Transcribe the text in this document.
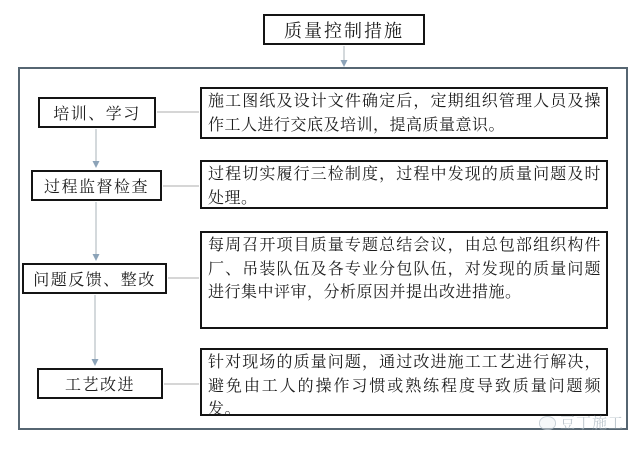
质量控制措施
培训、学习
施工图纸及设计文件确定后，定期组织管理人员及操作工人进行交底及培训，提高质量意识。
过程监督检查
过程切实履行三检制度，过程中发现的质量问题及时处理。
问题反馈、整改
每周召开项目质量专题总结会议，由总包部组织构件厂、吊装队伍及各专业分包队伍，对发现的质量问题进行集中评审，分析原因并提出改进措施。
工艺改进
针对现场的质量问题，通过改进施工工艺进行解决，避免由工人的操作习惯或熟练程度导致质量问题频发。
豆丁施工
